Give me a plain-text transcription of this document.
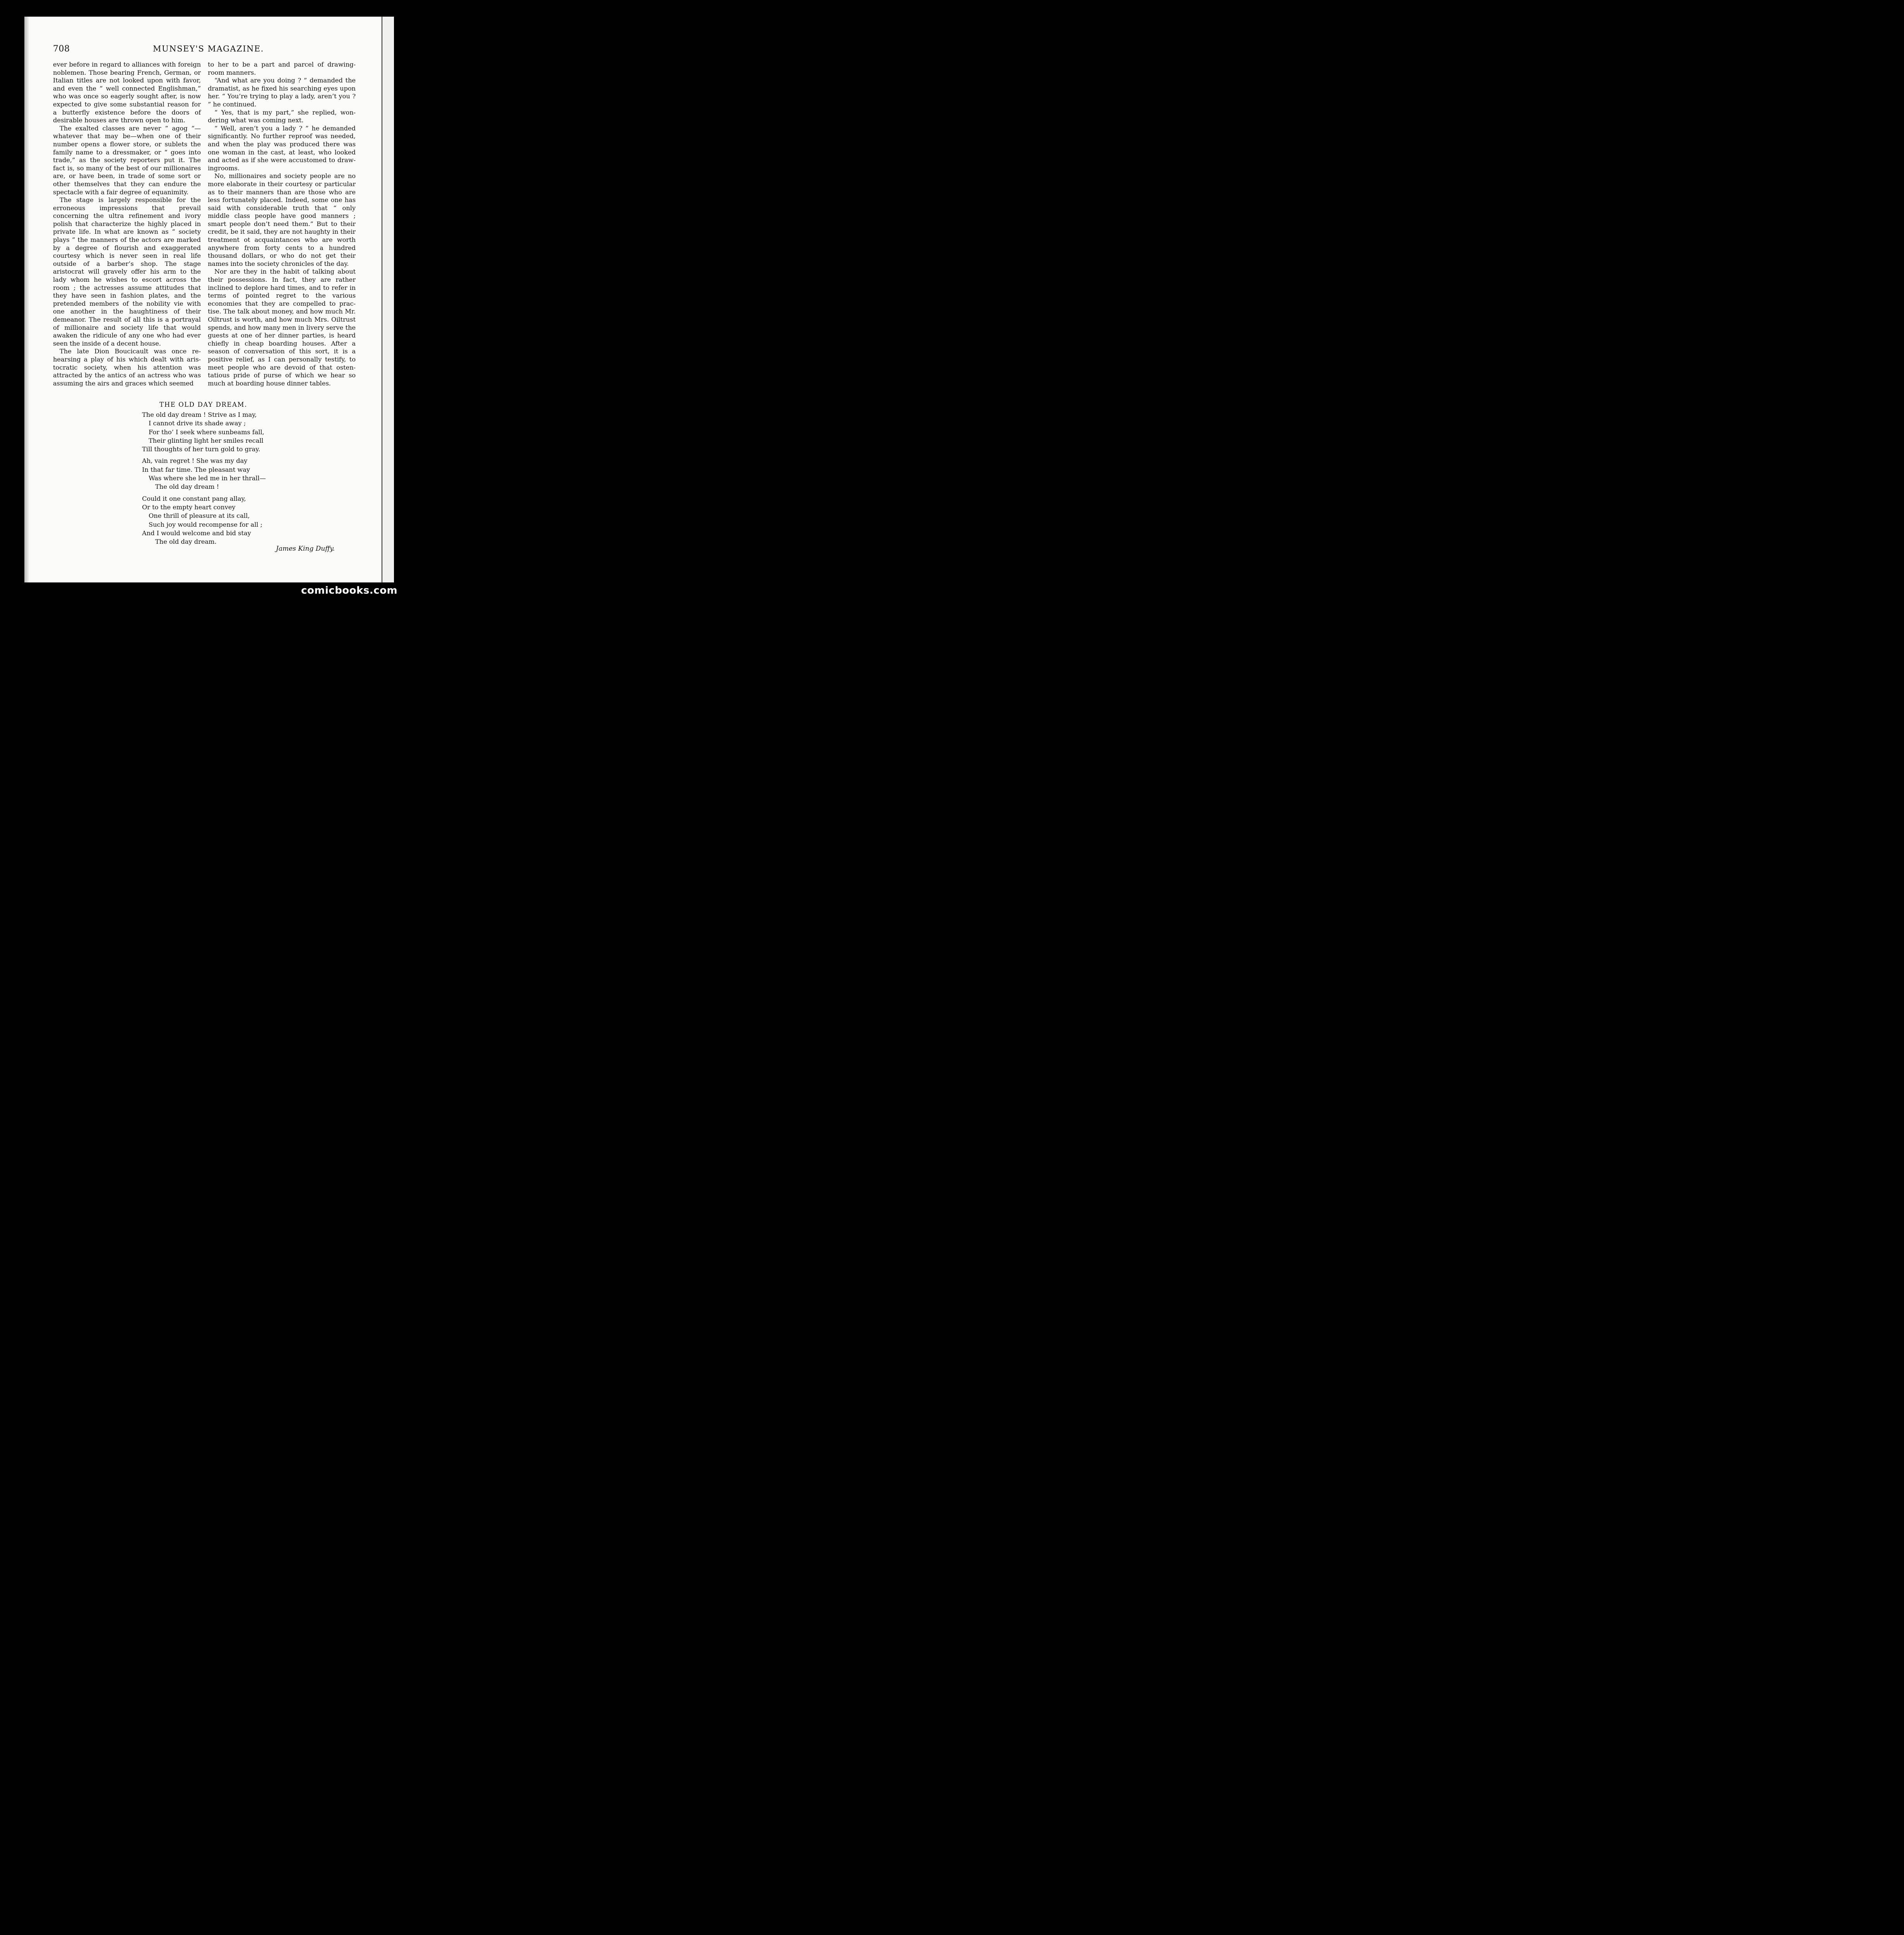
708	MUNSEY'S MAGAZINE.

ever before in regard to alliances with foreign noblemen. Those bearing French, German, or Italian titles are not looked upon with favor, and even the “ well connected Englishman,” who was once so eagerly sought after, is now expected to give some substantial reason for a butterfly existence before the doors of desirable houses are thrown open to him.

The exalted classes are never “ agog ”— whatever that may be—when one of their number opens a flower store, or sublets the family name to a dressmaker, or “ goes into trade,” as the society reporters put it. The fact is, so many of the best of our millionaires are, or have been, in trade of some sort or other themselves that they can endure the spectacle with a fair degree of equanimity.

The stage is largely responsible for the erroneous impressions that prevail concerning the ultra refinement and ivory polish that characterize the highly placed in private life. In what are known as “ society plays ” the manners of the actors are marked by a degree of flourish and exaggerated courtesy which is never seen in real life outside of a barber’s shop. The stage aristocrat will gravely offer his arm to the lady whom he wishes to escort across the room ; the actresses assume attitudes that they have seen in fashion plates, and the pretended members of the nobility vie with one another in the haughtiness of their demeanor. The result of all this is a portrayal of millionaire and society life that would awaken the ridicule of any one who had ever seen the inside of a decent house.

The late Dion Boucicault was once rehearsing a play of his which dealt with aristocratic society, when his attention was attracted by the antics of an actress who was assuming the airs and graces which seemed

to her to be a part and parcel of drawing-room manners.

“And what are you doing ? ” demanded the dramatist, as he fixed his searching eyes upon her. “ You’re trying to play a lady, aren’t you ? ” he continued.

“ Yes, that is my part,” she replied, wondering what was coming next.

“ Well, aren’t you a lady ? ” he demanded significantly. No further reproof was needed, and when the play was produced there was one woman in the cast, at least, who looked and acted as if she were accustomed to drawingrooms.

No, millionaires and society people are no more elaborate in their courtesy or particular as to their manners than are those who are less fortunately placed. Indeed, some one has said with considerable truth that “ only middle class people have good manners ; smart people don’t need them.” But to their credit, be it said, they are not haughty in their treatment ot acquaintances who are worth anywhere from forty cents to a hundred thousand dollars, or who do not get their names into the society chronicles of the day.

Nor are they in the habit of talking about their possessions. In fact, they are rather inclined to deplore hard times, and to refer in terms of pointed regret to the various economies that they are compelled to practise. The talk about money, and how much Mr. Oiltrust is worth, and how much Mrs. Oiltrust spends, and how many men in livery serve the guests at one of her dinner parties, is heard chiefly in cheap boarding houses. After a season of conversation of this sort, it is a positive relief, as I can personally testify, to meet people who are devoid of that ostentatious pride of purse of which we hear so much at boarding house dinner tables.

THE OLD DAY DREAM.
The old day dream ! Strive as I may,
I cannot drive its shade away ;
For tho’ I seek where sunbeams fall,
Their glinting light her smiles recall
Till thoughts of her turn gold to gray.
Ah, vain regret ! She was my day
In that far time. The pleasant way
Was where she led me in her thrall—
The old day dream !
Could it one constant pang allay,
Or to the empty heart convey
One thrill of pleasure at its call,
Such joy would recompense for all ;
And I would welcome and bid stay
The old day dream.
James King Duffy.
comicbooks.com
